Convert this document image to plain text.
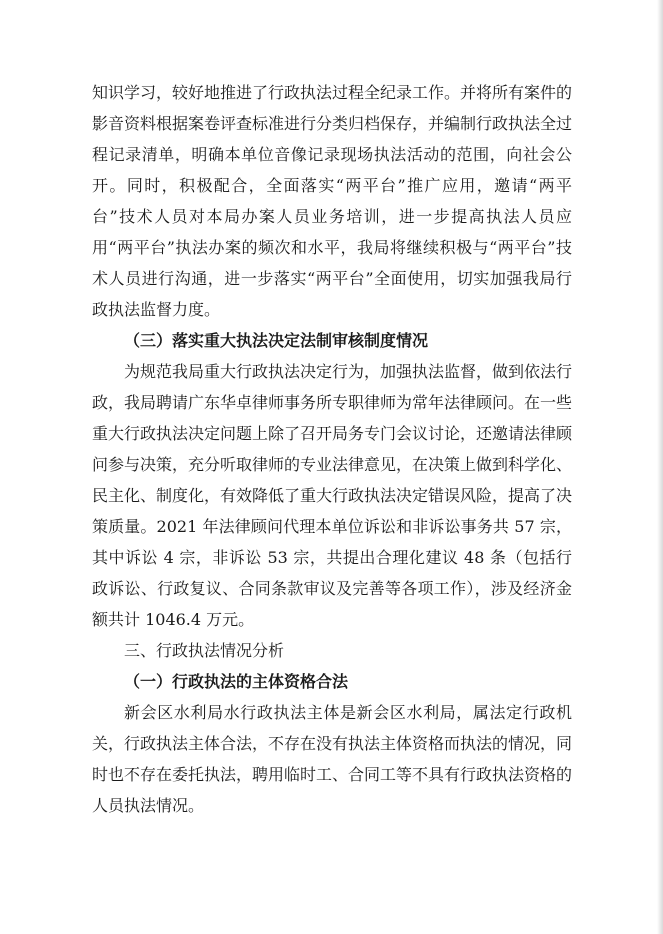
知识学习，较好地推进了行政执法过程全纪录工作。并将所有案件的影音资料根据案卷评查标准进行分类归档保存，并编制行政执法全过程记录清单，明确本单位音像记录现场执法活动的范围，向社会公开。同时，积极配合，全面落实“两平台”推广应用，邀请“两平台”技术人员对本局办案人员业务培训，进一步提高执法人员应用“两平台”执法办案的频次和水平，我局将继续积极与“两平台”技术人员进行沟通，进一步落实“两平台”全面使用，切实加强我局行政执法监督力度。

（三）落实重大执法决定法制审核制度情况

为规范我局重大行政执法决定行为，加强执法监督，做到依法行政，我局聘请广东华卓律师事务所专职律师为常年法律顾问。在一些重大行政执法决定问题上除了召开局务专门会议讨论，还邀请法律顾问参与决策，充分听取律师的专业法律意见，在决策上做到科学化、民主化、制度化，有效降低了重大行政执法决定错误风险，提高了决策质量。2021 年法律顾问代理本单位诉讼和非诉讼事务共 57 宗，其中诉讼 4 宗，非诉讼 53 宗，共提出合理化建议 48 条（包括行政诉讼、行政复议、合同条款审议及完善等各项工作），涉及经济金额共计 1046.4 万元。

三、行政执法情况分析

（一）行政执法的主体资格合法

新会区水利局水行政执法主体是新会区水利局，属法定行政机关，行政执法主体合法，不存在没有执法主体资格而执法的情况，同时也不存在委托执法，聘用临时工、合同工等不具有行政执法资格的人员执法情况。
